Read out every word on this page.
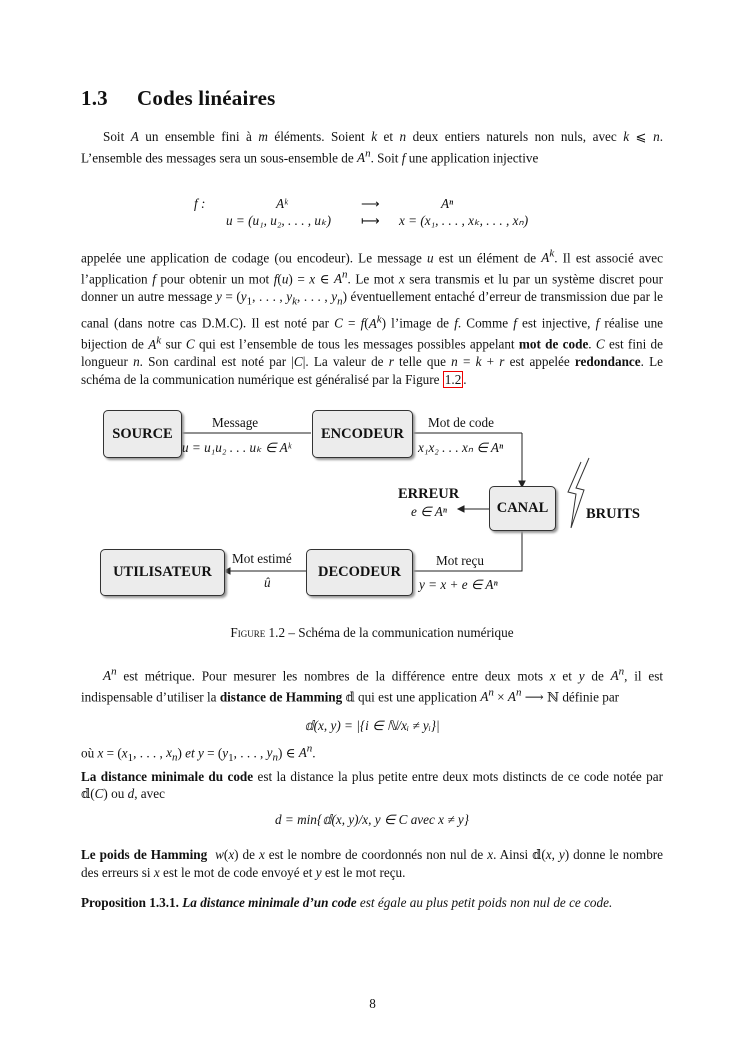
1.3 Codes linéaires

Soit A un ensemble fini à m éléments. Soient k et n deux entiers naturels non nuls, avec k ⩽ n. L’ensemble des messages sera un sous-ensemble de $A^n$. Soit f une application injective

f :	Aᵏ	⟶	Aⁿ
u = (u₁, u₂, . . . , uₖ) ⟼ x = (x₁, . . . , xₖ, . . . , xₙ)

appelée une application de codage (ou encodeur). Le message u est un élément de $A^k$. Il est associé avec l’application f pour obtenir un mot f(u) = x ∈ $A^n$. Le mot x sera transmis et lu par un système discret pour donner un autre message $y = (y_1$, . . . , $y_k$, . . . , $y_n$) éventuellement entaché d’erreur de transmission due par le canal (dans notre cas D.M.C). Il est noté par $C = f(A^k)$ l’image de f. Comme f est injective, f réalise une bijection de $A^k$ sur C qui est l’ensemble de tous les messages possibles appelant mot de code. C est fini de longueur n. Son cardinal est noté par |C|. La valeur de r telle que n = k + r est appelée redondance. Le schéma de la communication numérique est généralisé par la Figure 1.2 .

SOURCE	ENCODEUR
CANAL
DECODEUR
UTILISATEUR
Message
u = u₁u₂ . . . uₖ ∈ Aᵏ
Mot de code
x₁x₂ . . . xₙ ∈ Aⁿ
ERREUR
e ∈ Aⁿ	BRUITS
Mot reçu
y = x + e ∈ Aⁿ
Mot estimé
û
Figure 1.2 – Schéma de la communication numérique

$A^n$ est métrique. Pour mesurer les nombres de la différence entre deux mots x et y de $A^n$, il est indispensable d’utiliser la distance de Hamming 𝕕 qui est une application $A^n \times A^n$ ⟶ ℕ définie par

𝕕(x, y) = |{i ∈ ℕ/xᵢ ≠ yᵢ}|

où $x = (x_1$, . . . , $x_n$) et $y = (y_1$, . . . , $y_n$) ∈ $A^n$.
La distance minimale du code est la distance la plus petite entre deux mots distincts de ce code notée par 𝕕(C) ou d, avec

d = min{𝕕(x, y)/x, y ∈ C avec x ≠ y}

Le poids de Hamming w(x) de x est le nombre de coordonnés non nul de x. Ainsi 𝕕(x, y) donne le nombre des erreurs si x est le mot de code envoyé et y est le mot reçu.

Proposition 1.3.1. La distance minimale d’un code est égale au plus petit poids non nul de ce code.

8
